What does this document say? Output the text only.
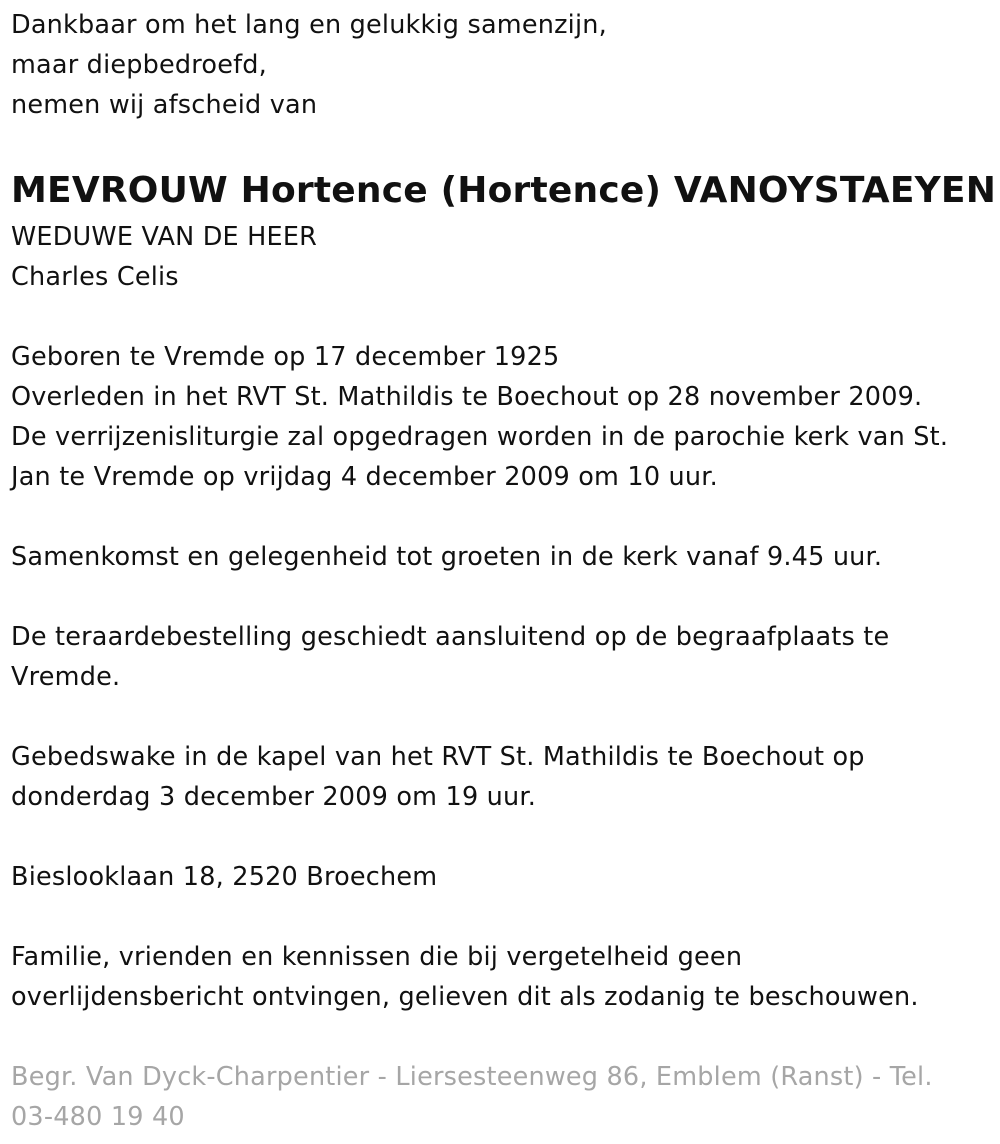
Dankbaar om het lang en gelukkig samenzijn,
maar diepbedroefd,
nemen wij afscheid van
MEVROUW Hortence (Hortence) VANOYSTAEYEN
WEDUWE VAN DE HEER
Charles Celis
Geboren te Vremde op 17 december 1925
Overleden in het RVT St. Mathildis te Boechout op 28 november 2009.
De verrijzenisliturgie zal opgedragen worden in de parochie kerk van St.
Jan te Vremde op vrijdag 4 december 2009 om 10 uur.
Samenkomst en gelegenheid tot groeten in de kerk vanaf 9.45 uur.
De teraardebestelling geschiedt aansluitend op de begraafplaats te
Vremde.
Gebedswake in de kapel van het RVT St. Mathildis te Boechout op
donderdag 3 december 2009 om 19 uur.
Bieslooklaan 18, 2520 Broechem
Familie, vrienden en kennissen die bij vergetelheid geen
overlijdensbericht ontvingen, gelieven dit als zodanig te beschouwen.
Begr. Van Dyck-Charpentier - Liersesteenweg 86, Emblem (Ranst) - Tel.
03-480 19 40
